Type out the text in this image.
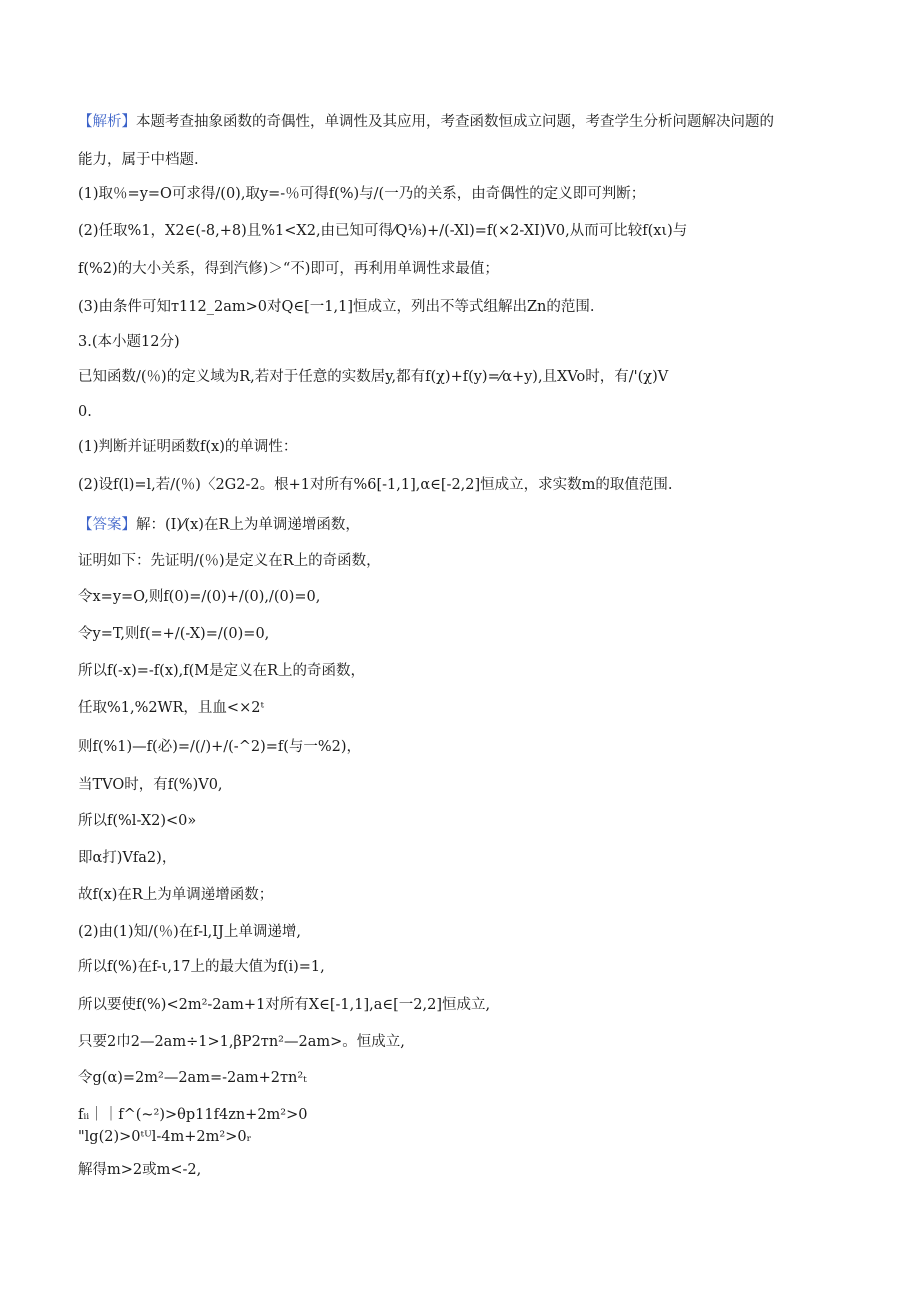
【解析】本题考查抽象函数的奇偶性，单调性及其应用，考查函数恒成立问题，考查学生分析问题解决问题的
能力，属于中档题.
(1)取％=y=O可求得/(0),取y=-％可得f(%)与/(一乃的关系，由奇偶性的定义即可判断；
(2)任取%1，X2∈(-8,+8)且%1<X2,由已知可得⁄Q⅛)+/(-Xl)=f(×2-XI)V0,从而可比较f(xι)与
f(%2)的大小关系，得到汽修)＞“不)即可，再利用单调性求最值；
(3)由条件可知т112_2am>0对Q∈[一1,1]恒成立，列出不等式组解出Zn的范围.
3.(本小题12分)
已知函数/(％)的定义域为R,若对于任意的实数居y,都有f(χ)+f(y)=⁄α+y),且XVo时，有/'(χ)V
0.
(1)判断并证明函数f(x)的单调性：
(2)设f(l)=l,若/(％)〈2G2-2。根+1对所有%6[-1,1],α∈[-2,2]恒成立，求实数m的取值范围.
【答案】解：(I)⁄(x)在R上为单调递增函数，
证明如下：先证明/(％)是定义在R上的奇函数，
令x=y=O,则f(0)=/(0)+/(0),/(0)=0,
令y=T,则f(=+/(-X)=/(0)=0,
所以f(-x)=-f(x),f(M是定义在R上的奇函数，
任取%1,%2WR，且血<×2ᵗ
则f(%1)—f(必)=/(/)+/(-^2)=f(与一%2)，
当TVO时，有f(%)V0,
所以f(%l-X2)<0»
即α打)Vfa2)，
故f(x)在R上为单调递增函数；
(2)由(1)知/(％)在f-l,IJ上单调递增,
所以f(%)在f-ι,17上的最大值为f(i)=1,
所以要使f(%)<2m²-2am+1对所有X∈[-1,1],a∈[一2,2]恒成立,
只要2巾2—2am÷1>1,βP2тn²—2am>。恒成立,
令g(α)=2m²—2am=-2am+2тn²ₜ
fᵢᵢ｜｜f^(~²)>θp11f4zn+2m²>0
"lg(2)>0ᵗᵁl-4m+2m²>0ᵣ
解得m>2或m<-2,
